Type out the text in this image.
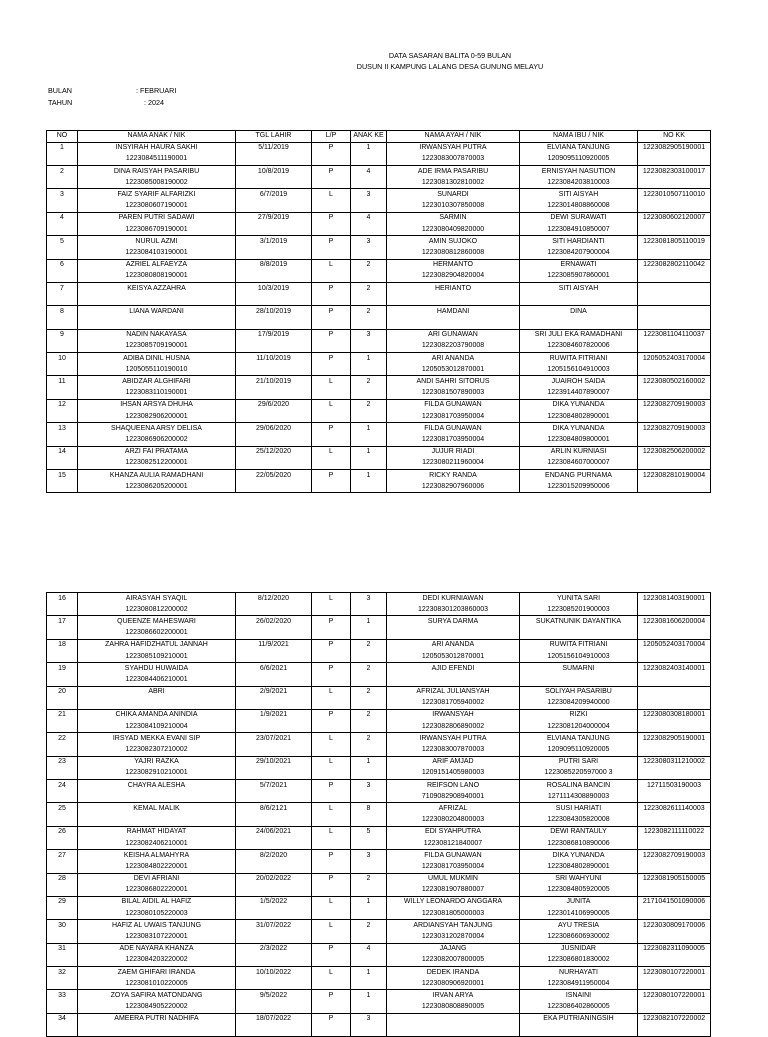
DATA SASARAN BALITA 0-59 BULAN
DUSUN II KAMPUNG LALANG DESA GUNUNG MELAYU
BULAN	: FEBRUARI
TAHUN	: 2024
NO	NAMA ANAK / NIK	TGL LAHIR	L/P	ANAK KE	NAMA AYAH / NIK	NAMA IBU / NIK	NO KK
1	INSYIRAH HAURA SAKHI	5/11/2019	P	1	IRWANSYAH PUTRA	ELVIANA TANJUNG	1223082905190001
	1223084511190001				1223083007870003	1209095110920005	
2	DINA RAISYAH PASARIBU	10/8/2019	P	4	ADE IRMA PASARIBU	ERNISYAH NASUTION	1223082303100017
	1223085008190002				1223081302810002	1223084203810003	
3	FAIZ SYARIF ALFARIZKI	6/7/2019	L	3	SUNARDI	SITI AISYAH	1223010507110010
	1223080607190001				1223010307850008	1223014808860008	
4	PAREN PUTRI SADAWI	27/9/2019	P	4	SARMIN	DEWI SURAWATI	1223080602120007
	1223086709190001				1223080409820000	1223084910850007	
5	NURUL AZMI	3/1/2019	P	3	AMIN SUJOKO	SITI HARDIANTI	1223081805110019
	1223084103190001				1223080812860008	1223084207900004	
6	AZRIEL ALFAEYZA	8/8/2019	L	2	HERMANTO	ERNAWATI	1223082802110042
	1223080808190001				1223082904820004	1223085907860001	
7	KEISYA AZZAHRA	10/3/2019	P	2	HERIANTO	SITI AISYAH	

8	LIANA WARDANI	28/10/2019	P	2	HAMDANI	DINA	

9	NADIN NAKAYASA	17/9/2019	P	3	ARI GUNAWAN	SRI JULI EKA RAMADHANI	1223081104110037
	1223085709190001				1223082203790008	1223084607820006	
10	ADIBA DINIL HUSNA	11/10/2019	P	1	ARI ANANDA	RUWITA FITRIANI	1205052403170004
	1205055110190010				1205053012870001	1205156104910003	
11	ABIDZAR ALGHIFARI	21/10/2019	L	2	ANDI SAHRI SITORUS	JUAIROH SAIDA	1223080502160002
	1223083110190001				1223081507890003	1223914407890007	
12	IHSAN ARSYA DHUHA	29/6/2020	L	2	FILDA GUNAWAN	DIKA YUNANDA	1223082709190003
	1223082906200001				1223081703950004	1223084802890001	
13	SHAQUEENA ARSY DELISA	29/06/2020	P	1	FILDA GUNAWAN	DIKA YUNANDA	1223082709190003
	1223086906200002				1223081703950004	1223084809800001	
14	ARZI FAI PRATAMA	25/12/2020	L	1	JUJUR RIADI	ARLIN KURNIASI	1223082506200002
	1223082512200001				1223080211960004	1223084607000007	
15	KHANZA AULIA RAMADHANI	22/05/2020	P	1	RICKY RANDA	ENDANG PURNAMA	1223082810190004
	1223086205200001				1223082907960006	1223015209950006	
16	AIRASYAH SYAQIL	8/12/2020	L	3	DEDI KURNIAWAN	YUNITA SARI	1223081403190001
	1223080812200002				122308301203860003	1223085201900003	
17	QUEENZE MAHESWARI	26/02/2020	P	1	SURYA DARMA	SUKATNUNIK DAYANTIKA	1223081606200004
	1223086602200001						
18	ZAHRA HAFIDZHATUL JANNAH	11/9/2021	P	2	ARI ANANDA	RUWITA FITRIANI	1205052403170004
	1223085109210001				1205053012870001	1205156104910003	
19	SYAHDU HUWAIDA	6/6/2021	P	2	AJID EFENDI	SUMARNI	1223082403140001
	1223084406210001						
20	ABRI	2/9/2021	L	2	AFRIZAL JULIANSYAH	SOLIYAH PASARIBU	
					1223081705940002	1223084209940000	
21	CHIKA AMANDA ANINDIA	1/9/2021	P	2	IRWANSYAH	RIZKI	1223080308180001
	1223084109210004				1223082806890002	1223081204000004	
22	IRSYAD MEKKA EVANI SIP	23/07/2021	L	2	IRWANSYAH PUTRA	ELVIANA TANJUNG	1223082905190001
	1223082307210002				1223083007870003	1209095110920005	
23	YAJRI RAZKA	29/10/2021	L	1	ARIF AMJAD	PUTRI SARI	1223080311210002
	1223082910210001				1209151405980003	1223085220597000 3	
24	CHAYRA ALESHA	5/7/2021	P	3	REIFSON LANO	ROSALINA BANCIN	12711503190003
					7109082908940001	1271114308890003	
25	KEMAL MALIK	8/6/2121	L	8	AFRIZAL	SUSI HARIATI	1223082611140003
					1223080204800003	1223084305820008	
26	RAHMAT HIDAYAT	24/06/2021	L	5	EDI SYAHPUTRA	DEWI RANTAULY	1223082111110022
	1223082406210001				122308121840007	1223086810890006	
27	KEISHA ALMAHYRA	8/2/2020	P	3	FILDA GUNAWAN	DIKA YUNANDA	1223082709190003
	1223084802220001				1223081703950004	1223084802890001	
28	DEVI AFRIANI	20/02/2022	P	2	UMUL MUKMIN	SRI WAHYUNI	1223081905150005
	1223086802220001				1223081907880007	1223084805920005	
29	BILAL AIDIL AL HAFIZ	1/5/2022	L	1	WILLY LEONARDO ANGGARA	JUNITA	2171041501090006
	1223080105220003				1223081805000003	1223014106990005	
30	HAFIZ AL UWAIS TANJUNG	31/07/2022	L	2	ARDIANSYAH TANJUNG	AYU TRESIA	1223030809170006
	1223083107220001				1223031202870004	1223086606930002	
31	ADE NAYARA KHANZA	2/3/2022	P	4	JAJANG	JUSNIDAR	1223082311090005
	1223084203220002				1223082007800005	1223086801830002	
32	ZAEM GHIFARI IRANDA	10/10/2022	L	1	DEDEK IRANDA	NURHAYATI	1223080107220001
	1223081010220005				1223080906920001	1223084911950004	
33	ZOYA SAFIRA MATONDANG	9/5/2022	P	1	IRVAN ARYA	ISNAINI	1223080107220001
	1223084905220002				1223080808890005	1223086402860005	
34	AMEERA PUTRI NADHIFA	18/07/2022	P	3		EKA PUTRIANINGSIH	1223082107220002
